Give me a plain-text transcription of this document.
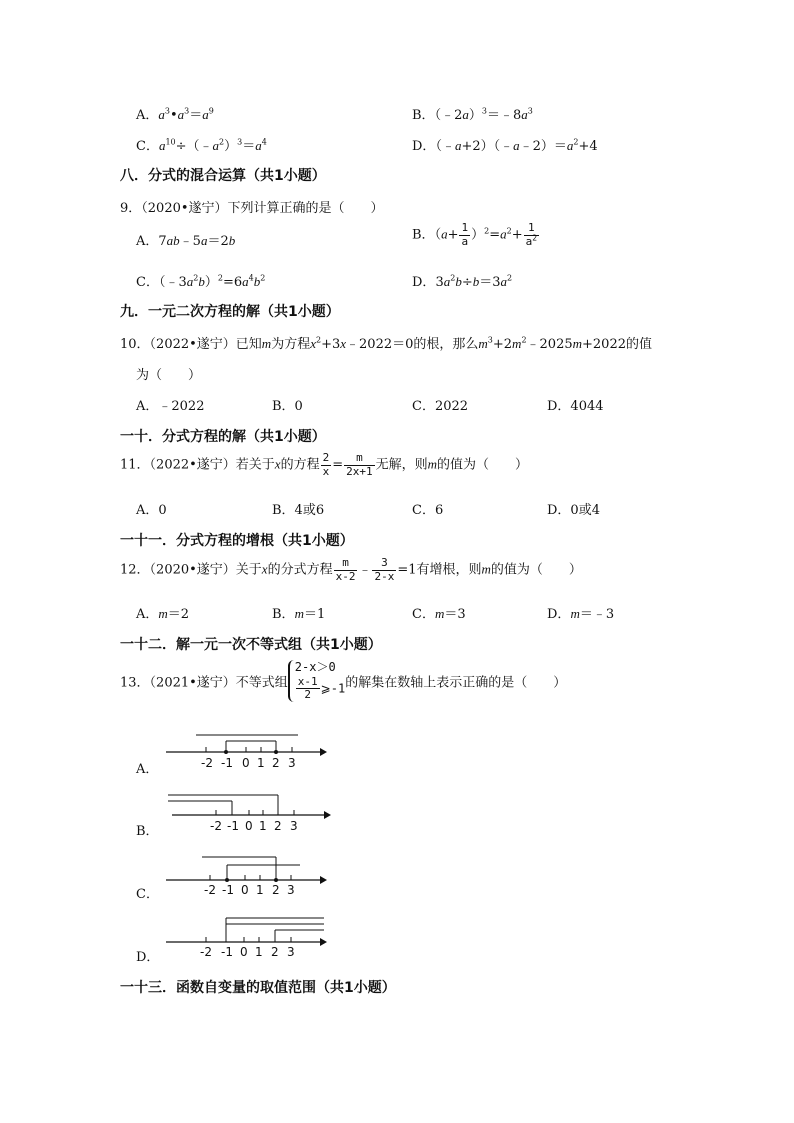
A．$a^3•a^3=a^9$	B．$(﹣2a)^3=﹣8a^3$
C．$a^{10}\div(﹣a^2)^3=a^4$	D．$(﹣a+2)(﹣a﹣2)=a^2+4$
八．分式的混合运算（共1小题）
9．（2020•遂宁）下列计算正确的是（　　）
A．7ab﹣5a＝2b	B．$(a+ \frac{1}{a} )^2=a^2+ \frac{1}{a^2}$
C．$(﹣3a^2b)^2=6a^4b^2$	D．$3a^2b\div b=3a^2$
九．一元二次方程的解（共1小题）
10．（2022•遂宁）已知m为方程$x^2+3x﹣2022=0$的根，那么$m^3+2m^2﹣2025m+2022$的值
为（　　）
A．﹣2022	B．0	C．2022	D．4044
一十．分式方程的解（共1小题）
11．（2022•遂宁）若关于x的方程 $\frac{2}{x} = \frac{m}{2x+1}$ 无解，则m的值为（　　）
A．0	B．4或6	C．6	D．0或4
一十一．分式方程的增根（共1小题）
12．（2020•遂宁）关于x的分式方程 $\frac{m}{x-2}$ ﹣ $\frac{3}{2-x} =1$有增根，则m的值为（　　）
A．m＝2	B．m＝1	C．m＝3	D．m＝﹣3
一十二．解一元一次不等式组（共1小题）
13．（2021•遂宁）不等式组
2-x＞0
$\frac{x-1}{2}$ ⩾-1 的解集在数轴上表示正确的是（　　）
A．	-2 -1 0 1 2 3
B．	-2 -1 0 1 2 3
C．	-2 -1 0 1 2 3
D．	-2 -1 0 1 2 3
一十三．函数自变量的取值范围（共1小题）
